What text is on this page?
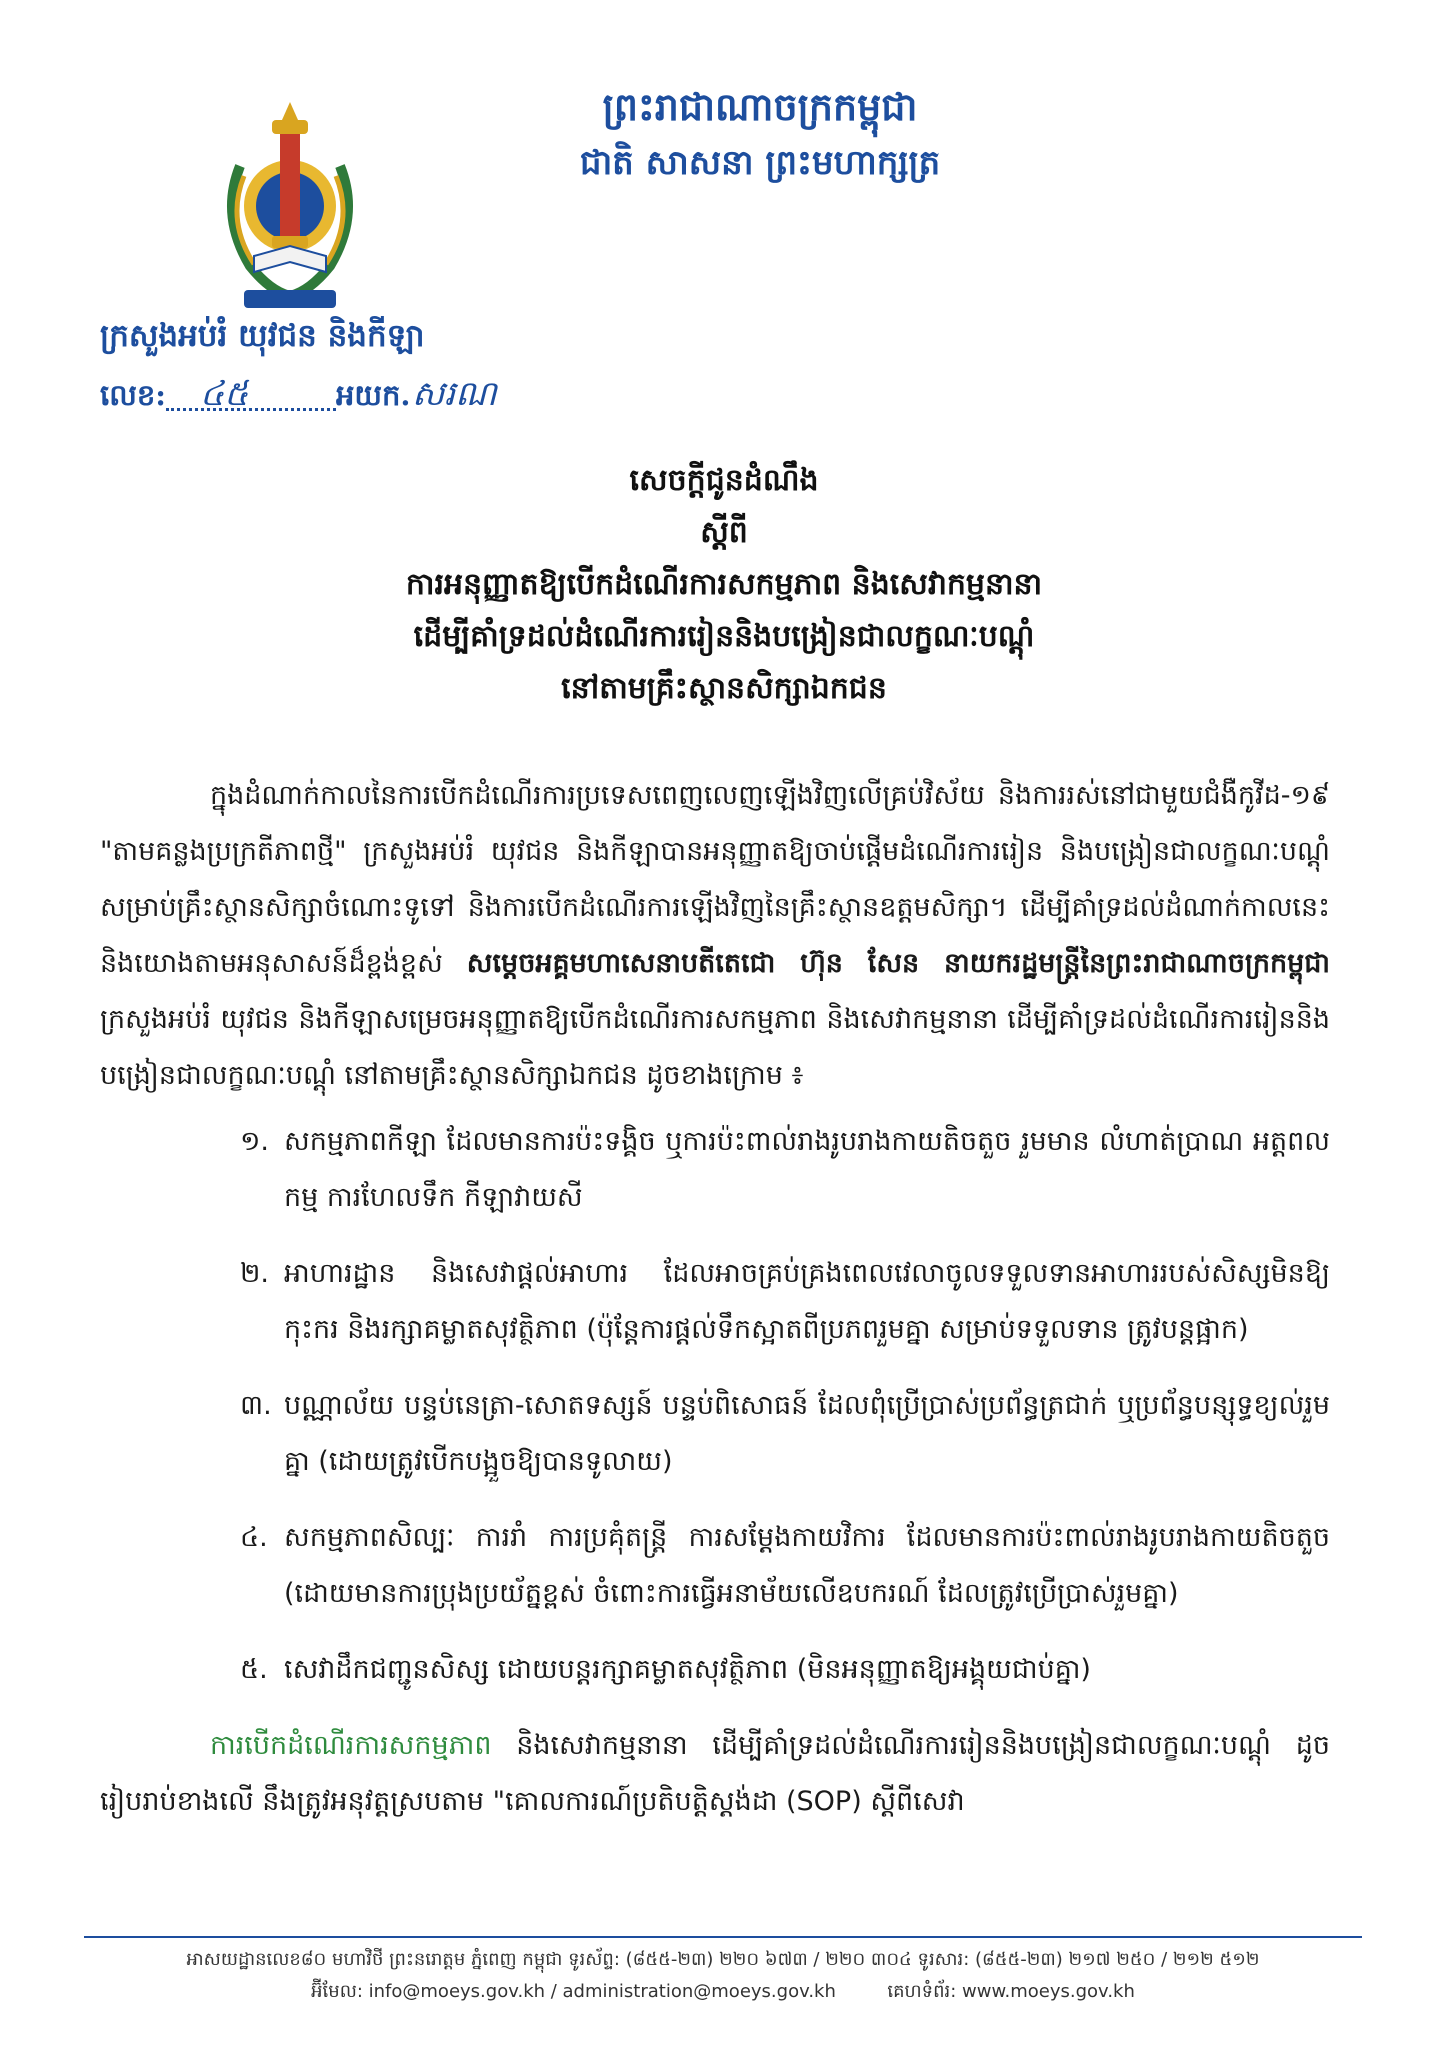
ព្រះរាជាណាចក្រកម្ពុជា
ជាតិ សាសនា ព្រះមហាក្សត្រ
ក្រសួងអប់រំ យុវជន និងកីឡា
លេខ: ៤៥	អយក. សរណ
សេចក្តីជូនដំណឹង
ស្តីពី
ការអនុញ្ញាតឱ្យបើកដំណើរការសកម្មភាព និងសេវាកម្មនានា
ដើម្បីគាំទ្រដល់ដំណើរការរៀននិងបង្រៀនជាលក្ខណៈបណ្តុំ
នៅតាមគ្រឹះស្ថានសិក្សាឯកជន

ក្នុងដំណាក់កាលនៃការបើកដំណើរការប្រទេសពេញលេញឡើងវិញលើគ្រប់វិស័យ និងការរស់នៅជាមួយជំងឺកូវីដ-១៩ "តាមគន្លងប្រក្រតីភាពថ្មី" ក្រសួងអប់រំ យុវជន និងកីឡាបានអនុញ្ញាតឱ្យចាប់ផ្តើមដំណើរការរៀន និងបង្រៀនជាលក្ខណៈបណ្តុំ សម្រាប់គ្រឹះស្ថានសិក្សាចំណោះទូទៅ និងការបើកដំណើរការឡើងវិញនៃគ្រឹះស្ថានឧត្តមសិក្សា។ ដើម្បីគាំទ្រដល់ដំណាក់កាលនេះ និងយោងតាមអនុសាសន៍ដ៏ខ្ពង់ខ្ពស់ សម្តេចអគ្គមហាសេនាបតីតេជោ ហ៊ុន សែន នាយករដ្ឋមន្ត្រីនៃព្រះរាជាណាចក្រកម្ពុជា ក្រសួងអប់រំ យុវជន និងកីឡាសម្រេចអនុញ្ញាតឱ្យបើកដំណើរការសកម្មភាព និងសេវាកម្មនានា ដើម្បីគាំទ្រដល់ដំណើរការរៀននិងបង្រៀនជាលក្ខណៈបណ្តុំ នៅតាមគ្រឹះស្ថានសិក្សាឯកជន ដូចខាងក្រោម ៖

១. សកម្មភាពកីឡា ដែលមានការប៉ះទង្គិច ឬការប៉ះពាល់រាងរូបរាងកាយតិចតួច រួមមាន លំហាត់ប្រាណ អត្តពលកម្ម ការហែលទឹក កីឡាវាយសី
២. អាហារដ្ឋាន និងសេវាផ្តល់អាហារ ដែលអាចគ្រប់គ្រងពេលវេលាចូលទទួលទានអាហាររបស់សិស្សមិនឱ្យកុះករ និងរក្សាគម្លាតសុវត្ថិភាព (ប៉ុន្តែការផ្តល់ទឹកស្អាតពីប្រភពរួមគ្នា សម្រាប់ទទួលទាន ត្រូវបន្តផ្អាក)
៣. បណ្ណាល័យ បន្ទប់នេត្រា-សោតទស្សន៍ បន្ទប់ពិសោធន៍ ដែលពុំប្រើប្រាស់ប្រព័ន្ធត្រជាក់ ឬប្រព័ន្ធបន្សុទ្ធខ្យល់រួមគ្នា (ដោយត្រូវបើកបង្អួចឱ្យបានទូលាយ)
៤. សកម្មភាពសិល្បៈ ការរាំ ការប្រគុំតន្ត្រី ការសម្តែងកាយវិការ ដែលមានការប៉ះពាល់រាងរូបរាងកាយតិចតួច (ដោយមានការប្រុងប្រយ័ត្នខ្ពស់ ចំពោះការធ្វើអនាម័យលើឧបករណ៍ ដែលត្រូវប្រើប្រាស់រួមគ្នា)
៥. សេវាដឹកជញ្ជូនសិស្ស ដោយបន្តរក្សាគម្លាតសុវត្ថិភាព (មិនអនុញ្ញាតឱ្យអង្គុយជាប់គ្នា)

ការបើកដំណើរការសកម្មភាព និងសេវាកម្មនានា ដើម្បីគាំទ្រដល់ដំណើរការរៀននិងបង្រៀនជាលក្ខណៈបណ្តុំ ដូចរៀបរាប់ខាងលើ នឹងត្រូវអនុវត្តស្របតាម "គោលការណ៍ប្រតិបត្តិស្តង់ដា (SOP) ស្តីពីសេវា

អាសយដ្ឋានលេខ៨០ មហាវិថី ព្រះនរោត្តម ភ្នំពេញ កម្ពុជា ទូរស័ព្ទ: (៨៥៥-២៣) ២២០ ៦៧៣ / ២២០ ៣០៤ ទូរសារ: (៨៥៥-២៣) ២១៧ ២៥០ / ២១២ ៥១២
អ៊ីមែល: info@moeys.gov.kh / administration@moeys.gov.kh	គេហទំព័រ: www.moeys.gov.kh
